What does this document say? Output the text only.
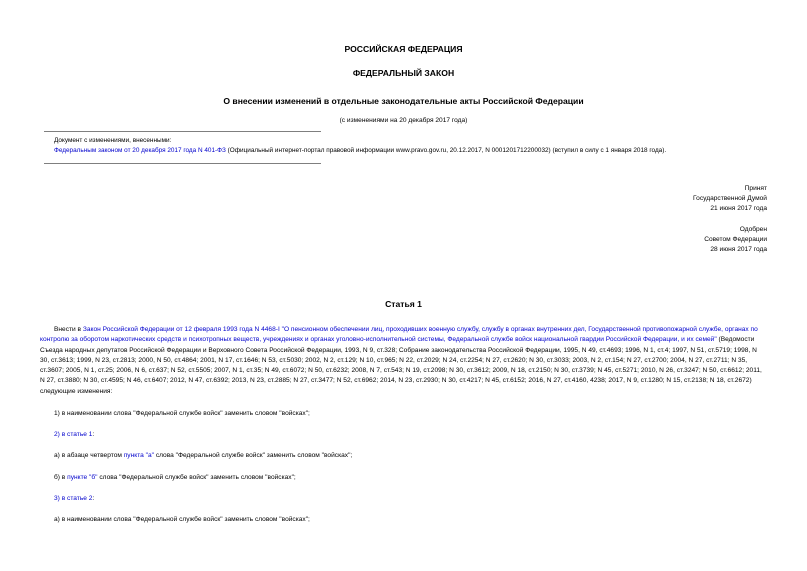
РОССИЙСКАЯ ФЕДЕРАЦИЯ
ФЕДЕРАЛЬНЫЙ ЗАКОН
О внесении изменений в отдельные законодательные акты Российской Федерации
(с изменениями на 20 декабря 2017 года)
Документ с изменениями, внесенными:
Федеральным законом от 20 декабря 2017 года N 401-ФЗ (Официальный интернет-портал правовой информации www.pravo.gov.ru, 20.12.2017, N 0001201712200032) (вступил в силу с 1 января 2018 года).
Принят
Государственной Думой
21 июня 2017 года
Одобрен
Советом Федерации
28 июня 2017 года
Статья 1
Внести в Закон Российской Федерации от 12 февраля 1993 года N 4468-I "О пенсионном обеспечении лиц, проходивших военную службу, службу в органах внутренних дел, Государственной противопожарной службе, органах по контролю за оборотом наркотических средств и психотропных веществ, учреждениях и органах уголовно-исполнительной системы, Федеральной службе войск национальной гвардии Российской Федерации, и их семей" (Ведомости Съезда народных депутатов Российской Федерации и Верховного Совета Российской Федерации, 1993, N 9, ст.328; Собрание законодательства Российской Федерации, 1995, N 49, ст.4693; 1996, N 1, ст.4; 1997, N 51, ст.5719; 1998, N 30, ст.3613; 1999, N 23, ст.2813; 2000, N 50, ст.4864; 2001, N 17, ст.1646; N 53, ст.5030; 2002, N 2, ст.129; N 10, ст.965; N 22, ст.2029; N 24, ст.2254; N 27, ст.2620; N 30, ст.3033; 2003, N 2, ст.154; N 27, ст.2700; 2004, N 27, ст.2711; N 35, ст.3607; 2005, N 1, ст.25; 2006, N 6, ст.637; N 52, ст.5505; 2007, N 1, ст.35; N 49, ст.6072; N 50, ст.6232; 2008, N 7, ст.543; N 19, ст.2098; N 30, ст.3612; 2009, N 18, ст.2150; N 30, ст.3739; N 45, ст.5271; 2010, N 26, ст.3247; N 50, ст.6612; 2011, N 27, ст.3880; N 30, ст.4595; N 46, ст.6407; 2012, N 47, ст.6392; 2013, N 23, ст.2885; N 27, ст.3477; N 52, ст.6962; 2014, N 23, ст.2930; N 30, ст.4217; N 45, ст.6152; 2016, N 27, ст.4160, 4238; 2017, N 9, ст.1280; N 15, ст.2138; N 18, ст.2672) следующие изменения:
1) в наименовании слова "Федеральной службе войск" заменить словом "войсках";
2) в статье 1:
а) в абзаце четвертом пункта "а" слова "Федеральной службе войск" заменить словом "войсках";
б) в пункте "б" слова "Федеральной службе войск" заменить словом "войсках";
3) в статье 2:
а) в наименовании слова "Федеральной службе войск" заменить словом "войсках";
